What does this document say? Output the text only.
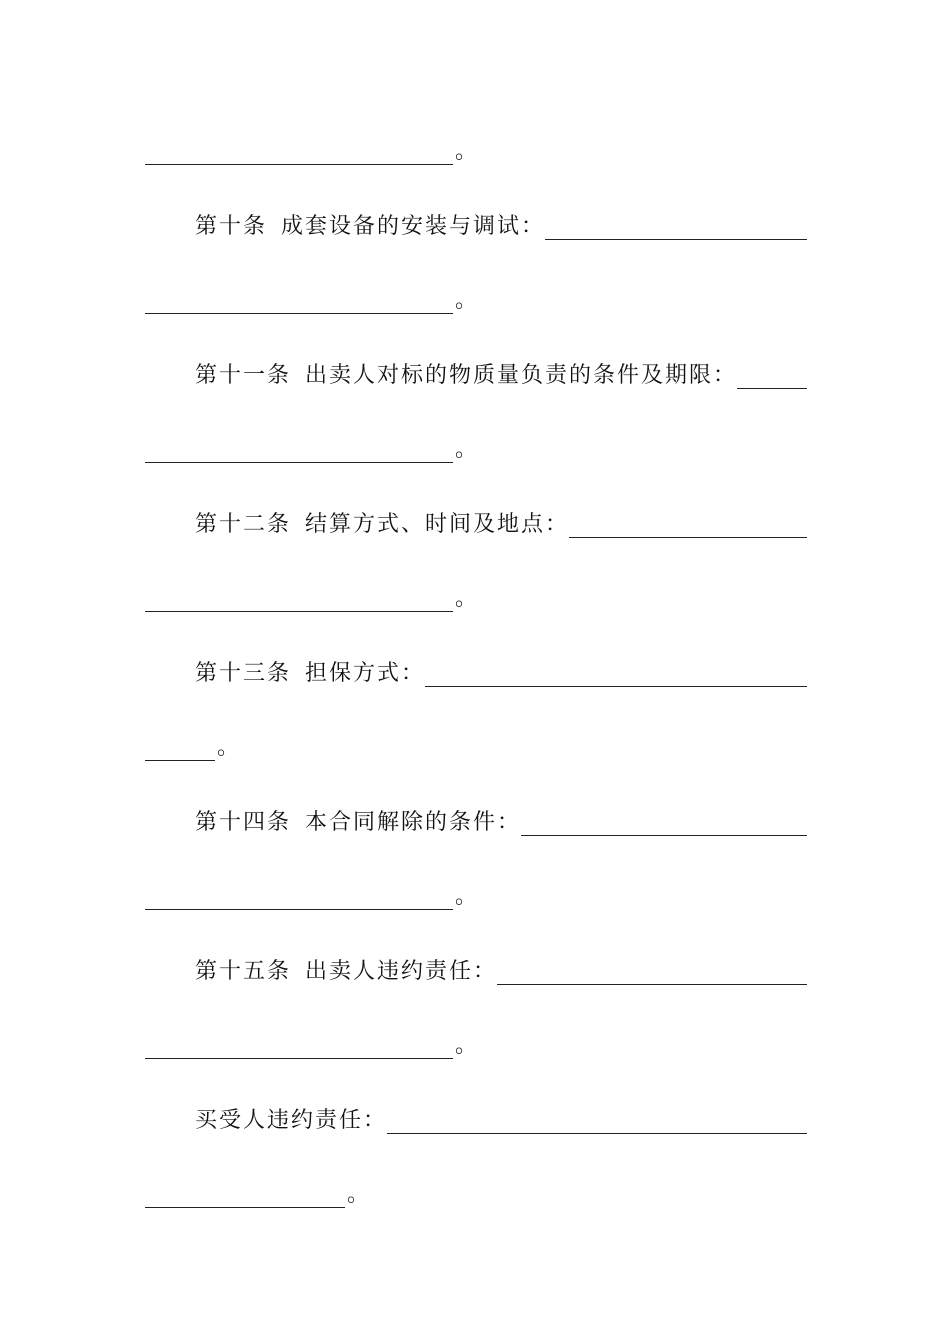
。
第十条 成套设备的安装与调试：
。
第十一条 出卖人对标的物质量负责的条件及期限：
。
第十二条 结算方式、时间及地点：
。
第十三条 担保方式：
。
第十四条 本合同解除的条件：
。
第十五条 出卖人违约责任：
。
买受人违约责任：
。
